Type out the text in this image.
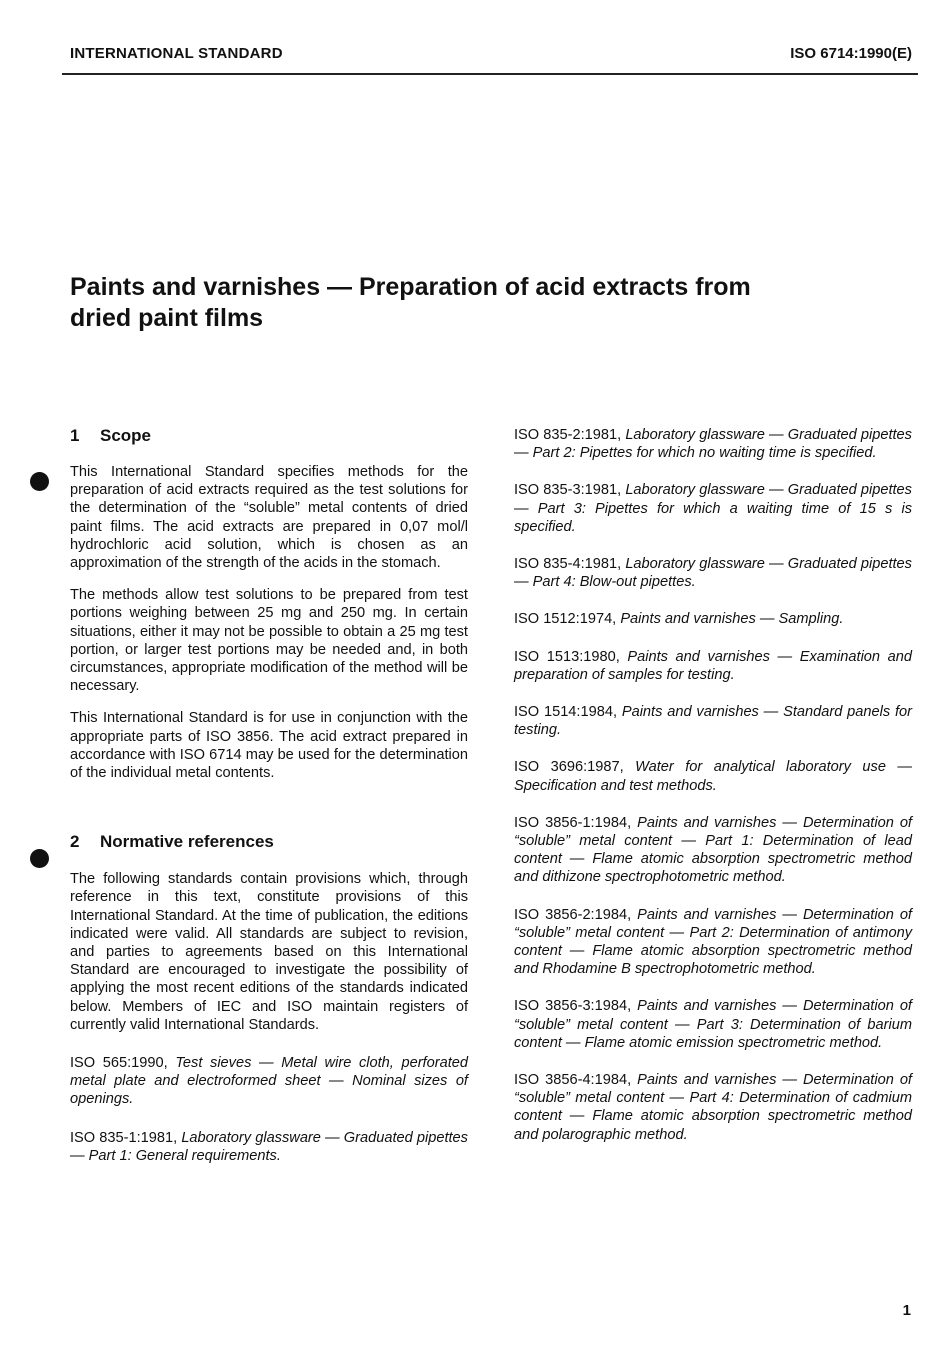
INTERNATIONAL STANDARD	ISO 6714:1990(E)
Paints and varnishes — Preparation of acid extracts from
dried paint films
1 Scope

This International Standard specifies methods for the preparation of acid extracts required as the test solutions for the determination of the “soluble” metal contents of dried paint films. The acid extracts are prepared in 0,07 mol/l hydrochloric acid solution, which is chosen as an approximation of the strength of the acids in the stomach.

The methods allow test solutions to be prepared from test portions weighing between 25 mg and 250 mg. In certain situations, either it may not be possible to obtain a 25 mg test portion, or larger test portions may be needed and, in both circumstances, appropriate modification of the method will be necessary.

This International Standard is for use in conjunction with the appropriate parts of ISO 3856. The acid extract prepared in accordance with ISO 6714 may be used for the determination of the individual metal contents.

2 Normative references

The following standards contain provisions which, through reference in this text, constitute provisions of this International Standard. At the time of publication, the editions indicated were valid. All standards are subject to revision, and parties to agreements based on this International Standard are encouraged to investigate the possibility of applying the most recent editions of the standards indicated below. Members of IEC and ISO maintain registers of currently valid International Standards.

ISO 565:1990, Test sieves — Metal wire cloth, perforated metal plate and electroformed sheet — Nominal sizes of openings.

ISO 835-1:1981, Laboratory glassware — Graduated pipettes — Part 1: General requirements.

ISO 835-2:1981, Laboratory glassware — Graduated pipettes — Part 2: Pipettes for which no waiting time is specified.

ISO 835-3:1981, Laboratory glassware — Graduated pipettes — Part 3: Pipettes for which a waiting time of 15 s is specified.

ISO 835-4:1981, Laboratory glassware — Graduated pipettes — Part 4: Blow-out pipettes.

ISO 1512:1974, Paints and varnishes — Sampling.

ISO 1513:1980, Paints and varnishes — Examination and preparation of samples for testing.

ISO 1514:1984, Paints and varnishes — Standard panels for testing.

ISO 3696:1987, Water for analytical laboratory use — Specification and test methods.

ISO 3856-1:1984, Paints and varnishes — Determination of “soluble” metal content — Part 1: Determination of lead content — Flame atomic absorption spectrometric method and dithizone spectrophotometric method.

ISO 3856-2:1984, Paints and varnishes — Determination of “soluble” metal content — Part 2: Determination of antimony content — Flame atomic absorption spectrometric method and Rhodamine B spectrophotometric method.

ISO 3856-3:1984, Paints and varnishes — Determination of “soluble” metal content — Part 3: Determination of barium content — Flame atomic emission spectrometric method.

ISO 3856-4:1984, Paints and varnishes — Determination of “soluble” metal content — Part 4: Determination of cadmium content — Flame atomic absorption spectrometric method and polarographic method.

1
